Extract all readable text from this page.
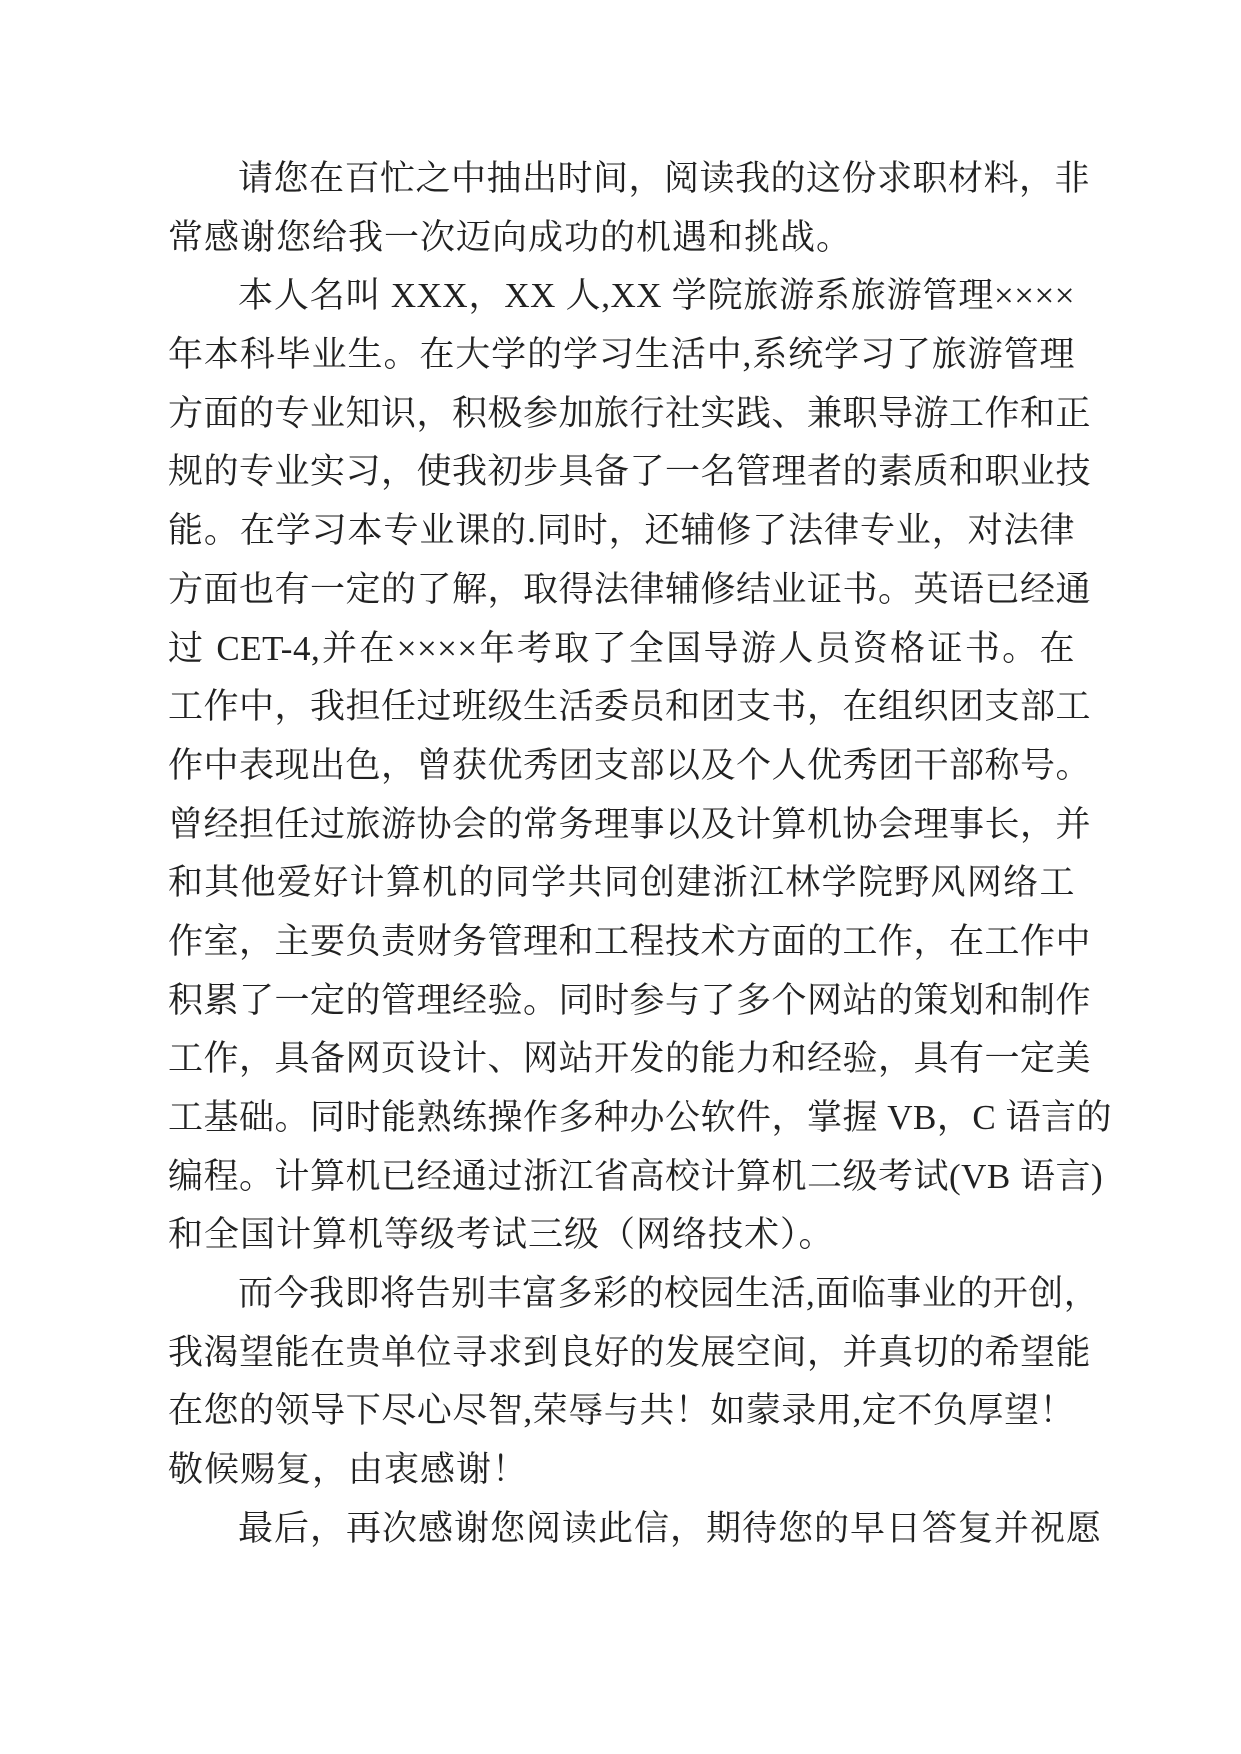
请您在百忙之中抽出时间，阅读我的这份求职材料，非
常感谢您给我一次迈向成功的机遇和挑战。
本人名叫 XXX，XX 人,XX 学院旅游系旅游管理××××
年本科毕业生。在大学的学习生活中,系统学习了旅游管理
方面的专业知识，积极参加旅行社实践、兼职导游工作和正
规的专业实习，使我初步具备了一名管理者的素质和职业技
能。在学习本专业课的.同时，还辅修了法律专业，对法律
方面也有一定的了解，取得法律辅修结业证书。英语已经通
过 CET-4,并在××××年考取了全国导游人员资格证书。在
工作中，我担任过班级生活委员和团支书，在组织团支部工
作中表现出色，曾获优秀团支部以及个人优秀团干部称号。
曾经担任过旅游协会的常务理事以及计算机协会理事长，并
和其他爱好计算机的同学共同创建浙江林学院野风网络工
作室，主要负责财务管理和工程技术方面的工作，在工作中
积累了一定的管理经验。同时参与了多个网站的策划和制作
工作，具备网页设计、网站开发的能力和经验，具有一定美
工基础。同时能熟练操作多种办公软件，掌握 VB，C 语言的
编程。计算机已经通过浙江省高校计算机二级考试(VB 语言)
和全国计算机等级考试三级（网络技术）。
而今我即将告别丰富多彩的校园生活,面临事业的开创，
我渴望能在贵单位寻求到良好的发展空间，并真切的希望能
在您的领导下尽心尽智,荣辱与共！如蒙录用,定不负厚望！
敬候赐复，由衷感谢！
最后，再次感谢您阅读此信，期待您的早日答复并祝愿
